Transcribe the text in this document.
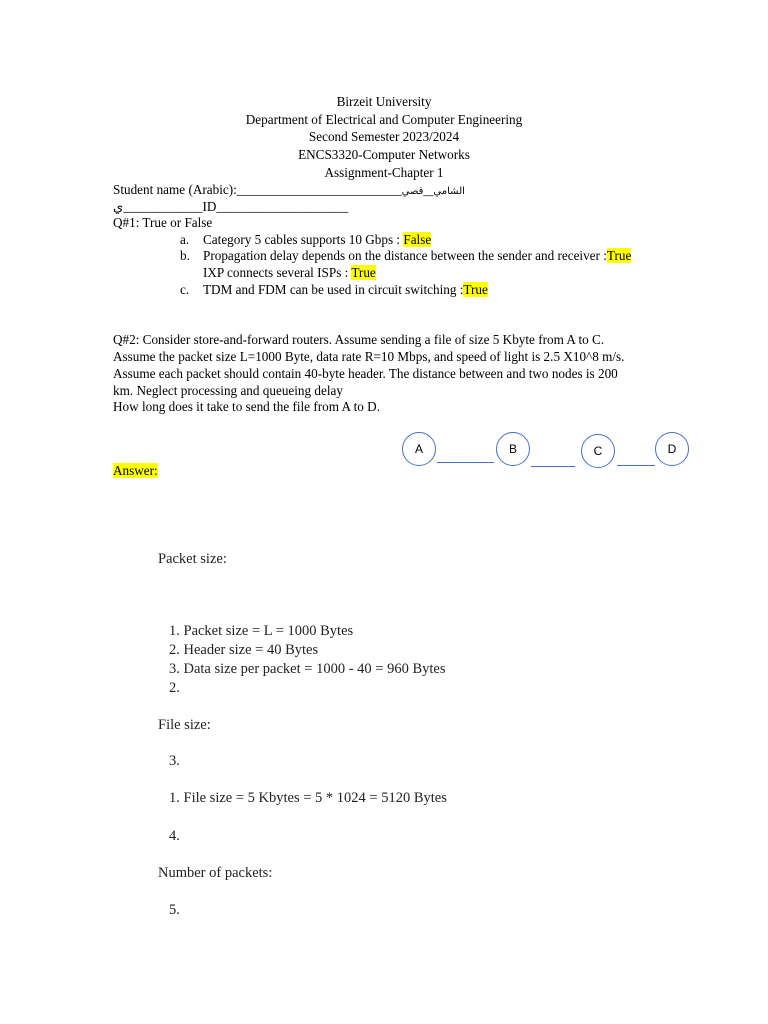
Birzeit University
Department of Electrical and Computer Engineering
Second Semester 2023/2024
ENCS3320-Computer Networks
Assignment-Chapter 1
Student name (Arabic):_________________________الشامي__قصي
ي____________ID____________________
Q#1: True or False
a. Category 5 cables supports 10 Gbps : False
b. Propagation delay depends on the distance between the sender and receiver :True
IXP connects several ISPs : True
c. TDM and FDM can be used in circuit switching :True
Q#2: Consider store-and-forward routers. Assume sending a file of size 5 Kbyte from A to C.
Assume the packet size L=1000 Byte, data rate R=10 Mbps, and speed of light is 2.5 X10^8 m/s.
Assume each packet should contain 40-byte header. The distance between and two nodes is 200
km. Neglect processing and queueing delay
How long does it take to send the file from A to D.
A	B	C	D
Answer:
Packet size:
1. Packet size = L = 1000 Bytes
2. Header size = 40 Bytes
3. Data size per packet = 1000 - 40 = 960 Bytes
2.
File size:
3.
1. File size = 5 Kbytes = 5 * 1024 = 5120 Bytes
4.
Number of packets:
5.
